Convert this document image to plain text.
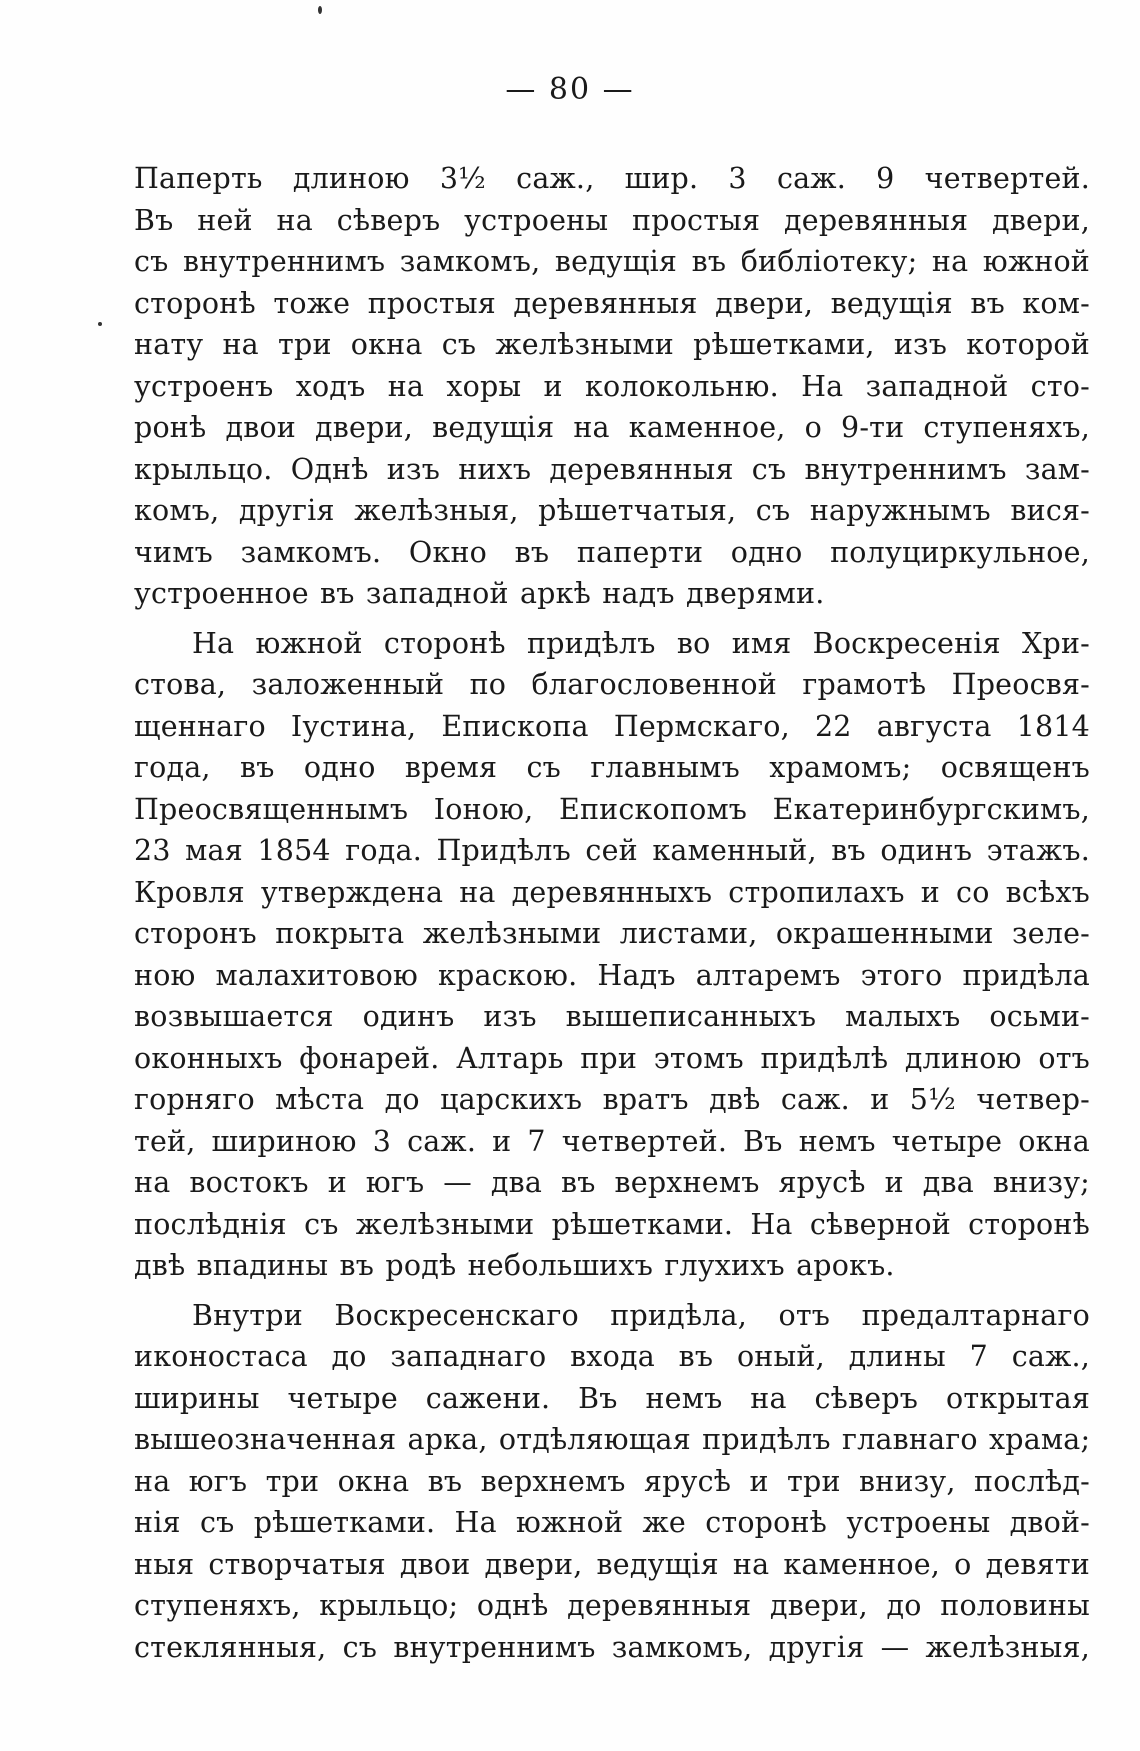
— 80 —
Паперть длиною 3½ саж., шир. 3 саж. 9 четвертей.
Въ ней на сѣверъ устроены простыя деревянныя двери,
съ внутреннимъ замкомъ, ведущія въ библіотеку; на южной
сторонѣ тоже простыя деревянныя двери, ведущія въ ком-
нату на три окна съ желѣзными рѣшетками, изъ которой
устроенъ ходъ на хоры и колокольню. На западной сто-
ронѣ двои двери, ведущія на каменное, о 9-ти ступеняхъ,
крыльцо. Однѣ изъ нихъ деревянныя съ внутреннимъ зам-
комъ, другія желѣзныя, рѣшетчатыя, съ наружнымъ вися-
чимъ замкомъ. Окно въ паперти одно полуциркульное,
устроенное въ западной аркѣ надъ дверями.
На южной сторонѣ придѣлъ во имя Воскресенія Хри-
стова, заложенный по благословенной грамотѣ Преосвя-
щеннаго Іустина, Епископа Пермскаго, 22 августа 1814
года, въ одно время съ главнымъ храмомъ; освященъ
Преосвященнымъ Іоною, Епископомъ Екатеринбургскимъ,
23 мая 1854 года. Придѣлъ сей каменный, въ одинъ этажъ.
Кровля утверждена на деревянныхъ стропилахъ и со всѣхъ
сторонъ покрыта желѣзными листами, окрашенными зеле-
ною малахитовою краскою. Надъ алтаремъ этого придѣла
возвышается одинъ изъ вышеписанныхъ малыхъ осьми-
оконныхъ фонарей. Алтарь при этомъ придѣлѣ длиною отъ
горняго мѣста до царскихъ вратъ двѣ саж. и 5½ четвер-
тей, шириною 3 саж. и 7 четвертей. Въ немъ четыре окна
на востокъ и югъ — два въ верхнемъ ярусѣ и два внизу;
послѣднія съ желѣзными рѣшетками. На сѣверной сторонѣ
двѣ впадины въ родѣ небольшихъ глухихъ арокъ.
Внутри Воскресенскаго придѣла, отъ предалтарнаго
иконостаса до западнаго входа въ оный, длины 7 саж.,
ширины четыре сажени. Въ немъ на сѣверъ открытая
вышеозначенная арка, отдѣляющая придѣлъ главнаго храма;
на югъ три окна въ верхнемъ ярусѣ и три внизу, послѣд-
нія съ рѣшетками. На южной же сторонѣ устроены двой-
ныя створчатыя двои двери, ведущія на каменное, о девяти
ступеняхъ, крыльцо; однѣ деревянныя двери, до половины
стеклянныя, съ внутреннимъ замкомъ, другія — желѣзныя,
